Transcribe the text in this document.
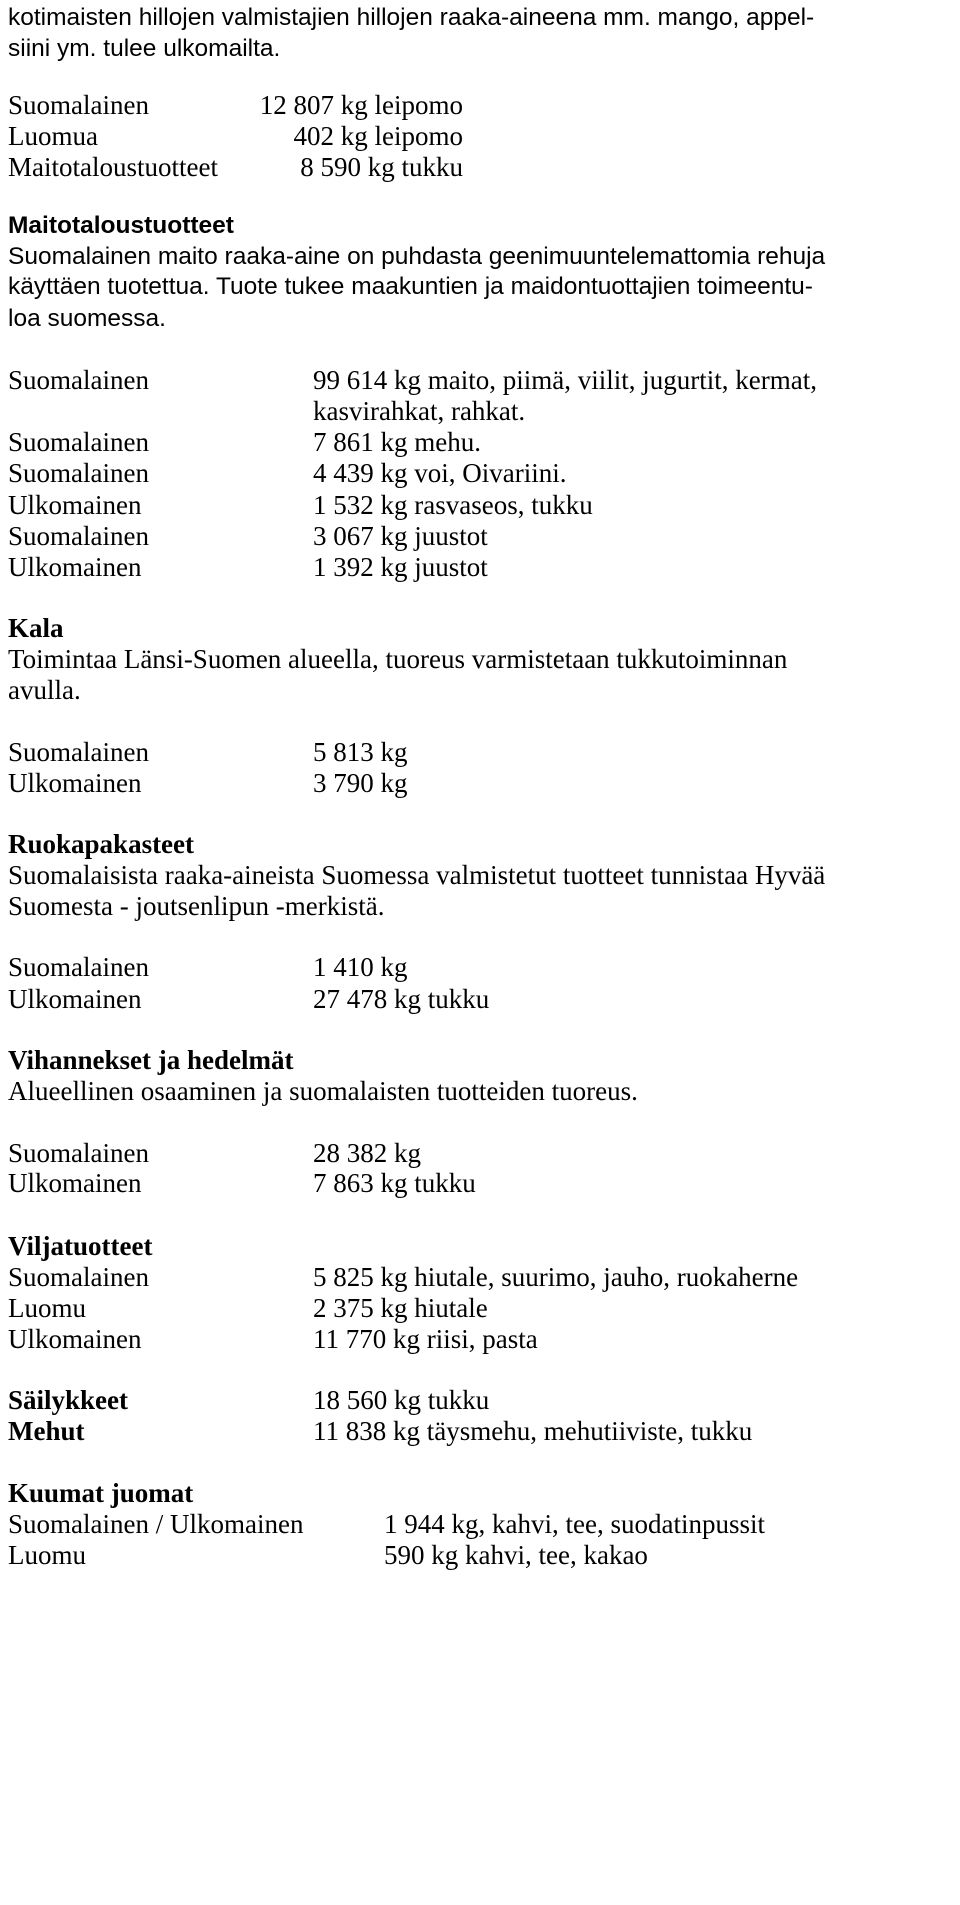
kotimaisten hillojen valmistajien hillojen raaka-aineena mm. mango, appel-
siini ym. tulee ulkomailta.
Suomalainen	12 807 kg leipomo
Luomua	402 kg leipomo
Maitotaloustuotteet	8 590 kg tukku
Maitotaloustuotteet
Suomalainen maito raaka-aine on puhdasta geenimuuntelemattomia rehuja
käyttäen tuotettua. Tuote tukee maakuntien ja maidontuottajien toimeentu-
loa suomessa.
Suomalainen	99 614 kg maito, piimä, viilit, jugurtit, kermat,
kasvirahkat, rahkat.
Suomalainen	7 861 kg mehu.
Suomalainen	4 439 kg voi, Oivariini.
Ulkomainen	1 532 kg rasvaseos, tukku
Suomalainen	3 067 kg juustot
Ulkomainen	1 392 kg juustot
Kala
Toimintaa Länsi-Suomen alueella, tuoreus varmistetaan tukkutoiminnan
avulla.
Suomalainen	5 813 kg
Ulkomainen	3 790 kg
Ruokapakasteet
Suomalaisista raaka-aineista Suomessa valmistetut tuotteet tunnistaa Hyvää
Suomesta - joutsenlipun -merkistä.
Suomalainen	1 410 kg
Ulkomainen	27 478 kg tukku
Vihannekset ja hedelmät
Alueellinen osaaminen ja suomalaisten tuotteiden tuoreus.
Suomalainen	28 382 kg
Ulkomainen	7 863 kg tukku
Viljatuotteet
Suomalainen	5 825 kg hiutale, suurimo, jauho, ruokaherne
Luomu	2 375 kg hiutale
Ulkomainen	11 770 kg riisi, pasta
Säilykkeet	18 560 kg tukku
Mehut	11 838 kg täysmehu, mehutiiviste, tukku
Kuumat juomat
Suomalainen / Ulkomainen	1 944 kg, kahvi, tee, suodatinpussit
Luomu	590 kg kahvi, tee, kakao
